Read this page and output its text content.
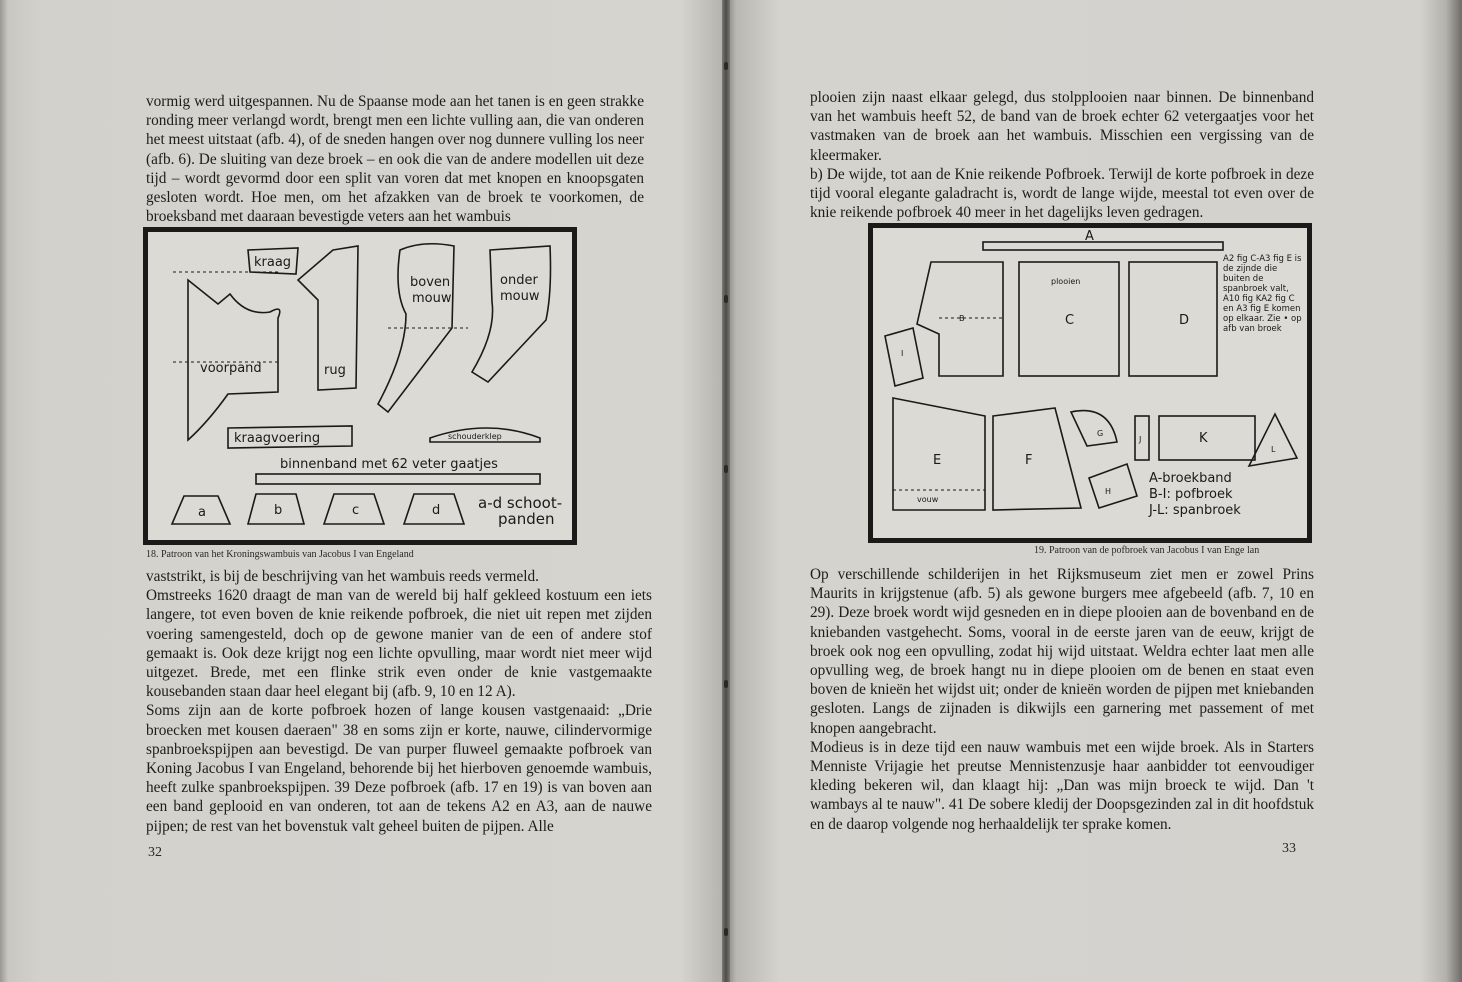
vormig werd uitgespannen. Nu de Spaanse mode aan het tanen is en geen strakke ronding meer verlangd wordt, brengt men een lichte vulling aan, die van onderen het meest uitstaat (afb. 4), of de sneden hangen over nog dunnere vulling los neer (afb. 6). De sluiting van deze broek – en ook die van de andere modellen uit deze tijd – wordt gevormd door een split van voren dat met knopen en knoopsgaten gesloten wordt. Hoe men, om het afzakken van de broek te voorkomen, de broeksband met daaraan bevestigde veters aan het wambuis

kraag
voorpand	rug
boven
mouw
onder
mouw
kraagvoering	schouderklep
binnenband met 62 veter gaatjes
a	b	c	d	a-d schoot-
panden
18. Patroon van het Kroningswambuis van Jacobus I van Engeland

vaststrikt, is bij de beschrijving van het wambuis reeds vermeld.

Omstreeks 1620 draagt de man van de wereld bij half gekleed kostuum een iets langere, tot even boven de knie reikende pofbroek, die niet uit repen met zijden voering samengesteld, doch op de gewone manier van de een of andere stof gemaakt is. Ook deze krijgt nog een lichte opvulling, maar wordt niet meer wijd uitgezet. Brede, met een flinke strik even onder de knie vastgemaakte kousebanden staan daar heel elegant bij (afb. 9, 10 en 12 A).

Soms zijn aan de korte pofbroek hozen of lange kousen vastgenaaid: „Drie broecken met kousen daeraen" 38 en soms zijn er korte, nauwe, cilindervormige spanbroekspijpen aan bevestigd. De van purper fluweel gemaakte pofbroek van Koning Jacobus I van Engeland, behorende bij het hierboven genoemde wambuis, heeft zulke spanbroekspijpen. 39 Deze pofbroek (afb. 17 en 19) is van boven aan een band geplooid en van onderen, tot aan de tekens A2 en A3, aan de nauwe pijpen; de rest van het bovenstuk valt geheel buiten de pijpen. Alle

32

plooien zijn naast elkaar gelegd, dus stolpplooien naar binnen. De binnenband van het wambuis heeft 52, de band van de broek echter 62 vetergaatjes voor het vastmaken van de broek aan het wambuis. Misschien een vergissing van de kleermaker.

b) De wijde, tot aan de Knie reikende Pofbroek. Terwijl de korte pofbroek in deze tijd vooral elegante galadracht is, wordt de lange wijde, meestal tot even over de knie reikende pofbroek 40 meer in het dagelijks leven gedragen.

A
B
I
plooien
C	D
A2 fig C-A3 fig E is de zijnde die buiten de spanbroek valt, A10 fig KA2 fig C en A3 fig E komen op elkaar. Zie • op afb van broek
E
vouw
F
G
H
J	K
L
A-broekband
B-I: pofbroek
J-L: spanbroek
19. Patroon van de pofbroek van Jacobus I van Enge lan

Op verschillende schilderijen in het Rijksmuseum ziet men er zowel Prins Maurits in krijgstenue (afb. 5) als gewone burgers mee afgebeeld (afb. 7, 10 en 29). Deze broek wordt wijd gesneden en in diepe plooien aan de bovenband en de kniebanden vastgehecht. Soms, vooral in de eerste jaren van de eeuw, krijgt de broek ook nog een opvulling, zodat hij wijd uitstaat. Weldra echter laat men alle opvulling weg, de broek hangt nu in diepe plooien om de benen en staat even boven de knieën het wijdst uit; onder de knieën worden de pijpen met kniebanden gesloten. Langs de zijnaden is dikwijls een garnering met passement of met knopen aangebracht.

Modieus is in deze tijd een nauw wambuis met een wijde broek. Als in Starters Menniste Vrijagie het preutse Mennistenzusje haar aanbidder tot eenvoudiger kleding bekeren wil, dan klaagt hij: „Dan was mijn broeck te wijd. Dan 't wambays al te nauw". 41 De sobere kledij der Doopsgezinden zal in dit hoofdstuk en de daarop volgende nog herhaaldelijk ter sprake komen.

33
